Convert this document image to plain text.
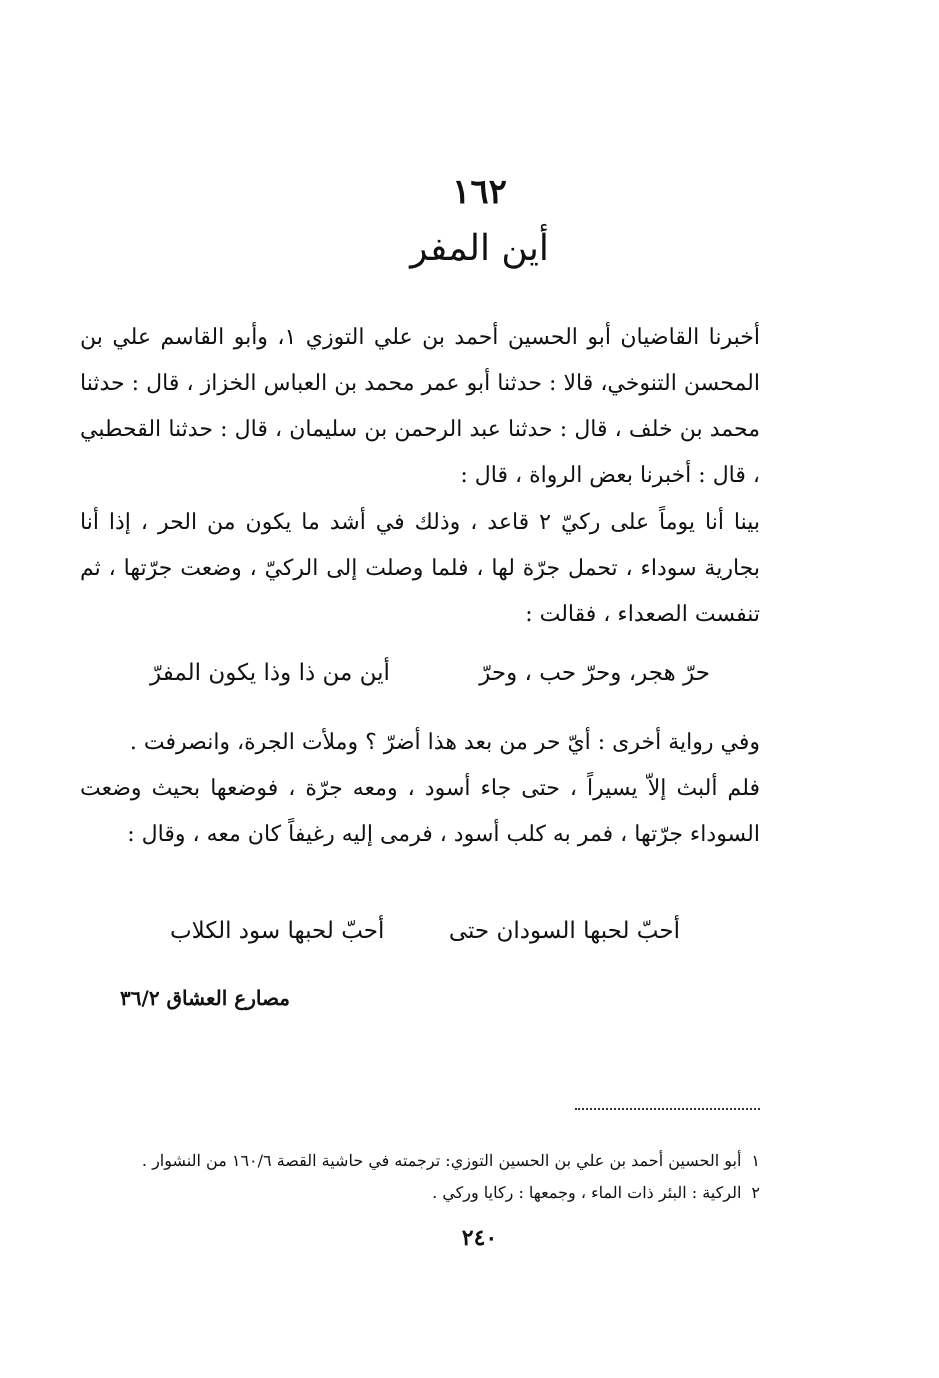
١٦٢
أين المفر

أخبرنا القاضيان أبو الحسين أحمد بن علي التوزي ١، وأبو القاسم علي بن المحسن التنوخي، قالا : حدثنا أبو عمر محمد بن العباس الخزاز ، قال : حدثنا محمد بن خلف ، قال : حدثنا عبد الرحمن بن سليمان ، قال : حدثنا القحطبي ، قال : أخبرنا بعض الرواة ، قال :

بينا أنا يوماً على ركيّ ٢ قاعد ، وذلك في أشد ما يكون من الحر ، إذا أنا بجارية سوداء ، تحمل جرّة لها ، فلما وصلت إلى الركيّ ، وضعت جرّتها ، ثم تنفست الصعداء ، فقالت :

حرّ هجر، وحرّ حب ، وحرّ
أين من ذا وذا يكون المفرّ

وفي رواية أخرى : أيّ حر من بعد هذا أضرّ ؟ وملأت الجرة، وانصرفت .

فلم ألبث إلاّ يسيراً ، حتى جاء أسود ، ومعه جرّة ، فوضعها بحيث وضعت السوداء جرّتها ، فمر به كلب أسود ، فرمى إليه رغيفاً كان معه ، وقال :

أحبّ لحبها السودان حتى
أحبّ لحبها سود الكلاب
مصارع العشاق ٣٦/٢
١أبو الحسين أحمد بن علي بن الحسين التوزي: ترجمته في حاشية القصة ١٦٠/٦ من النشوار .
٢الركية : البئر ذات الماء ، وجمعها : ركايا وركي .
٢٤٠
